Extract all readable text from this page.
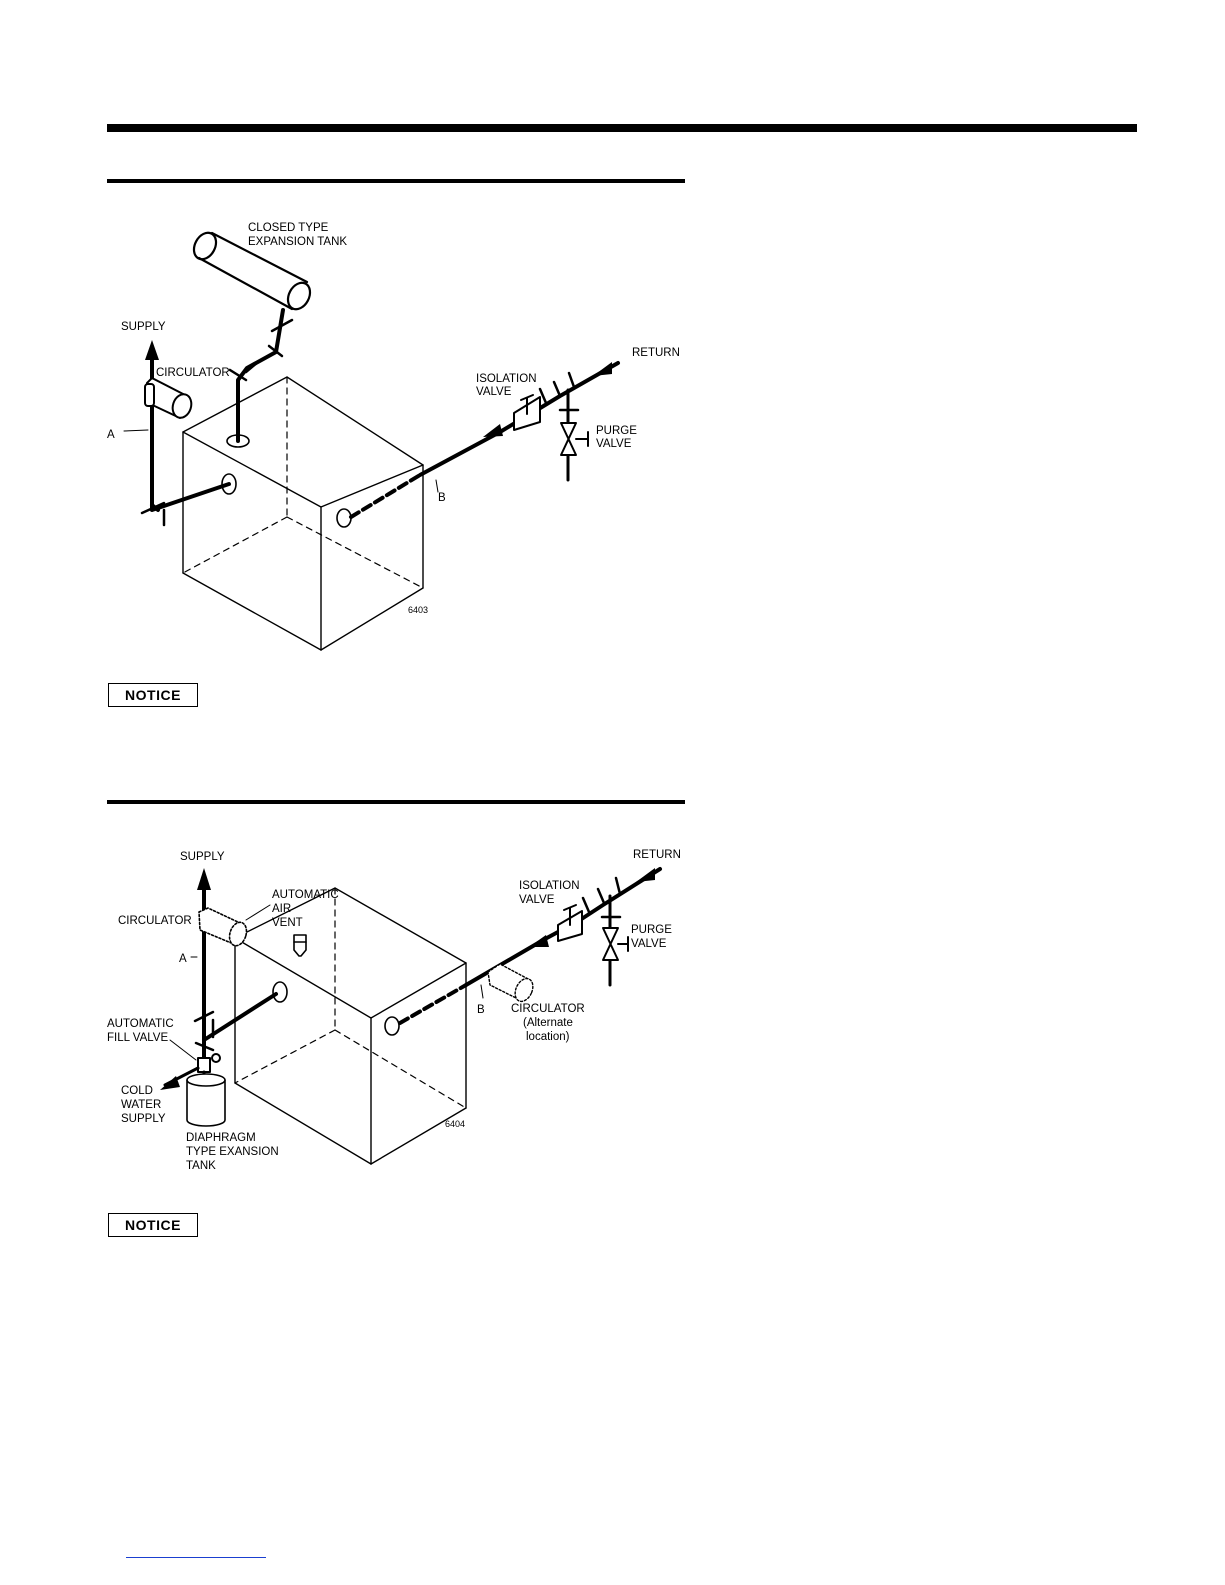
CLOSED TYPE
EXPANSION TANK
SUPPLY
CIRCULATOR
A
ISOLATION
VALVE
RETURN
PURGE
VALVE
B
6403
NOTICE
SUPPLY
AUTOMATIC
AIR
VENT
CIRCULATOR
A
AUTOMATIC
FILL VALVE
COLD
WATER
SUPPLY
DIAPHRAGM
TYPE EXANSION
TANK
ISOLATION
VALVE
RETURN
PURGE
VALVE
B CIRCULATOR
(Alternate
location)
6404
NOTICE
